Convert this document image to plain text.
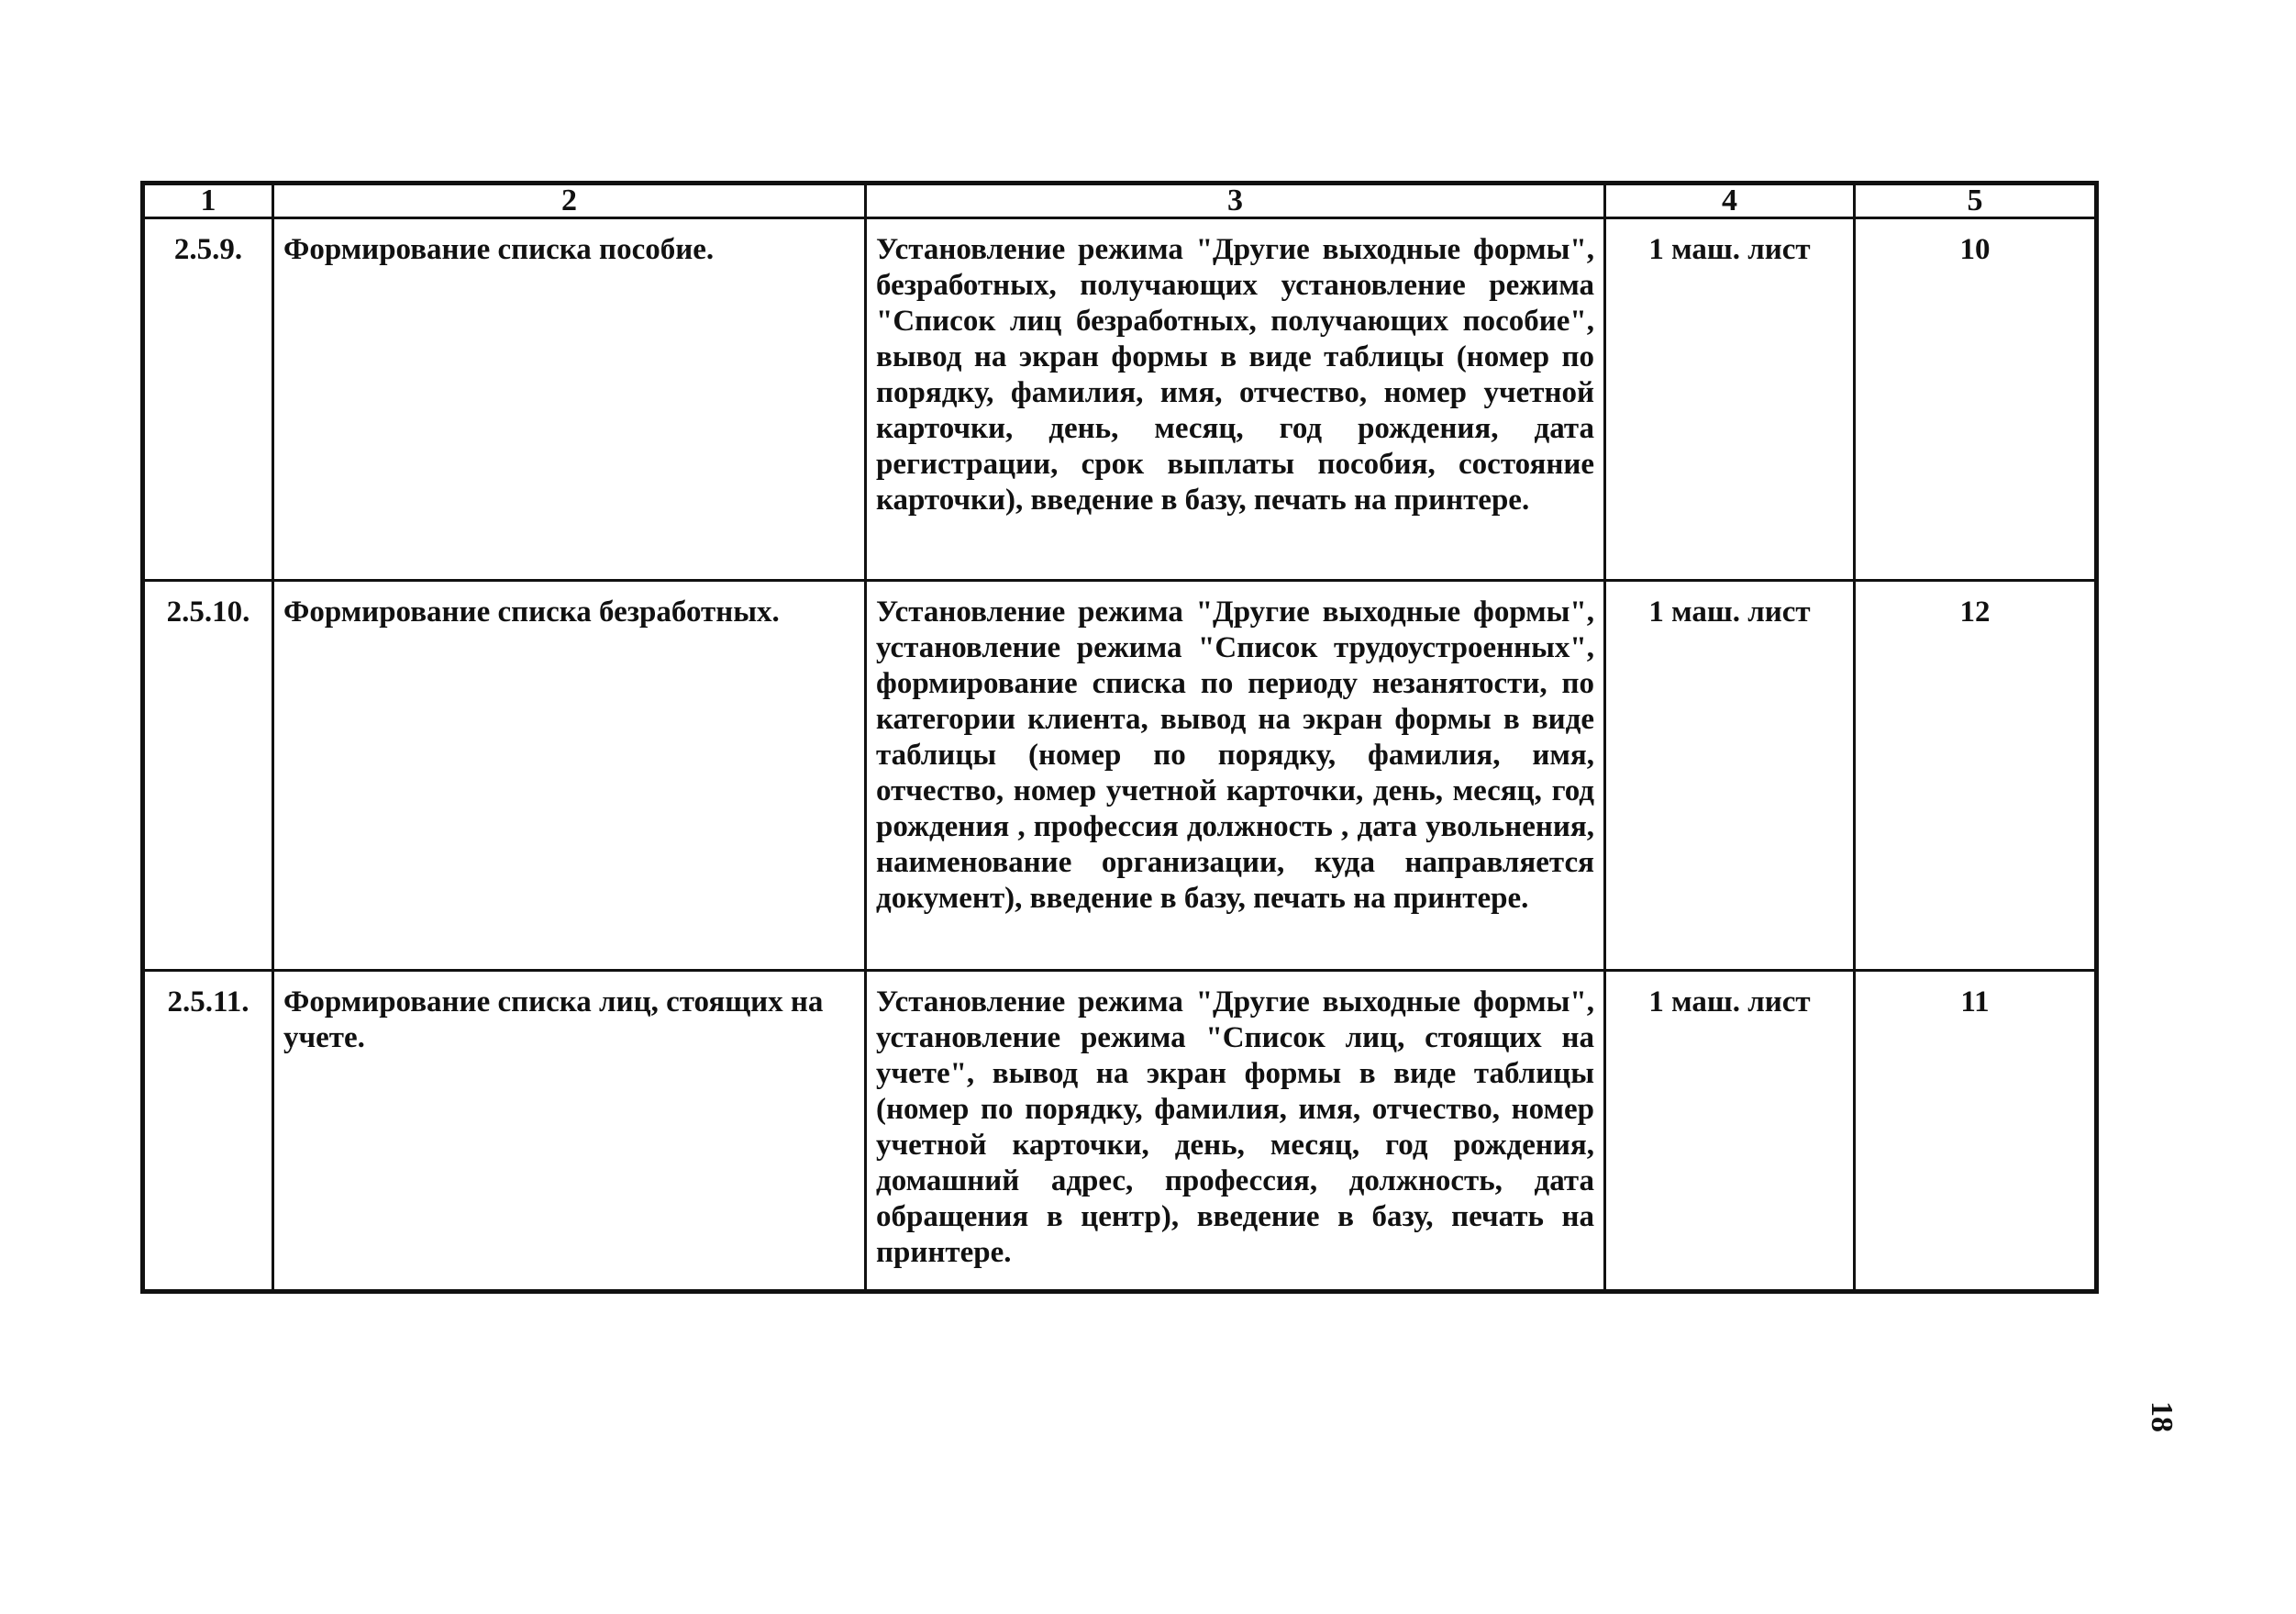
1	2	3	4	5
2.5.9.	Формирование списка пособие.	Установление режима "Другие выходные формы", безработных, получающих установление режима "Список лиц безработных, получающих пособие", вывод на экран формы в виде таблицы (номер по порядку, фамилия, имя, отчество, номер учетной карточки, день, месяц, год рождения, дата регистрации, срок выплаты пособия, состояние карточки), введение в базу, печать на принтере.	1 маш. лист	10
2.5.10.	Формирование списка безработных.	Установление режима "Другие выходные формы", установление режима "Список трудоустроенных", формирование списка по периоду незанятости, по категории клиента, вывод на экран формы в виде таблицы (номер по порядку, фамилия, имя, отчество, номер учетной карточки, день, месяц, год рождения , профессия должность , дата увольнения, наименование организации, куда направляется документ), введение в базу, печать на принтере.	1 маш. лист	12
2.5.11.	Формирование списка лиц, стоящих на учете.	Установление режима "Другие выходные формы", установление режима "Список лиц, стоящих на учете", вывод на экран формы в виде таблицы (номер по порядку, фамилия, имя, отчество, номер учетной карточки, день, месяц, год рождения, домашний адрес, профессия, должность, дата обращения в центр), введение в базу, печать на принтере.	1 маш. лист	11
18
